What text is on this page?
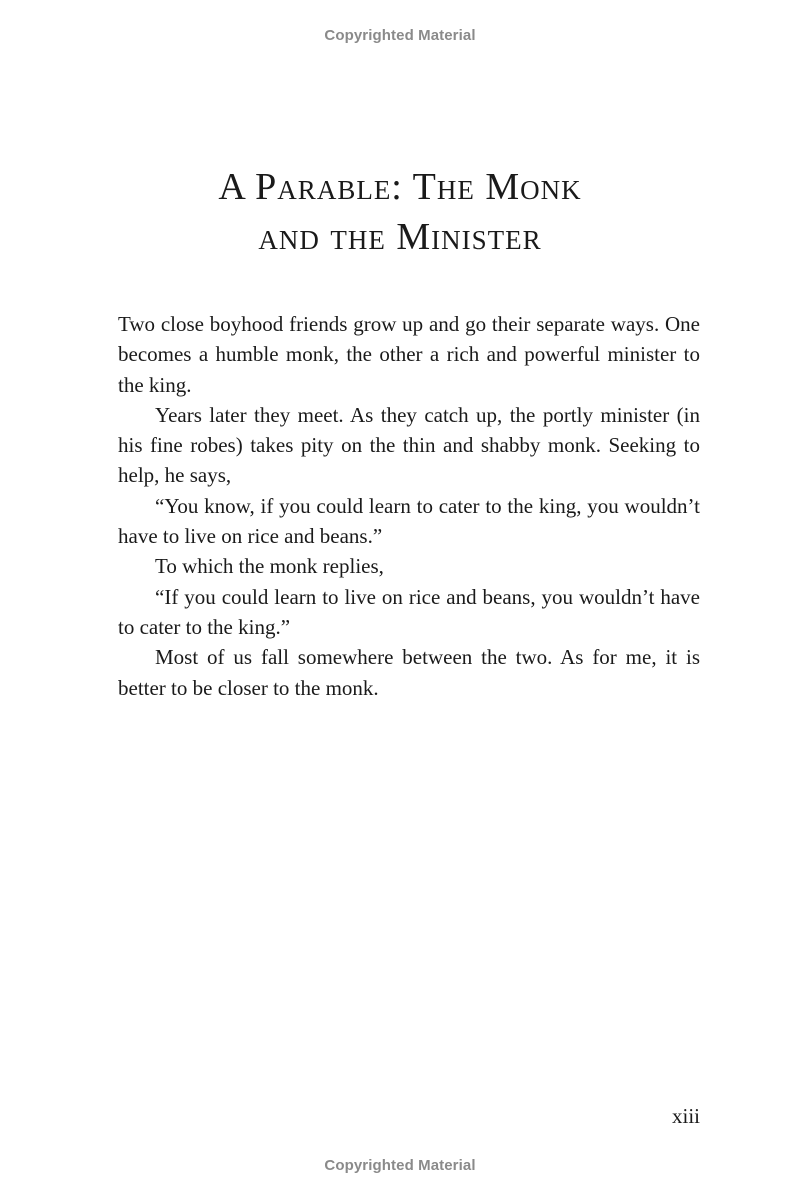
Copyrighted Material
A Parable: The Monk
and the Minister

Two close boyhood friends grow up and go their separate ways. One becomes a humble monk, the other a rich and powerful minister to the king.

Years later they meet. As they catch up, the portly minister (in his fine robes) takes pity on the thin and shabby monk. Seeking to help, he says,

“You know, if you could learn to cater to the king, you wouldn’t have to live on rice and beans.”

To which the monk replies,

“If you could learn to live on rice and beans, you wouldn’t have to cater to the king.”

Most of us fall somewhere between the two. As for me, it is better to be closer to the monk.

xiii
Copyrighted Material
